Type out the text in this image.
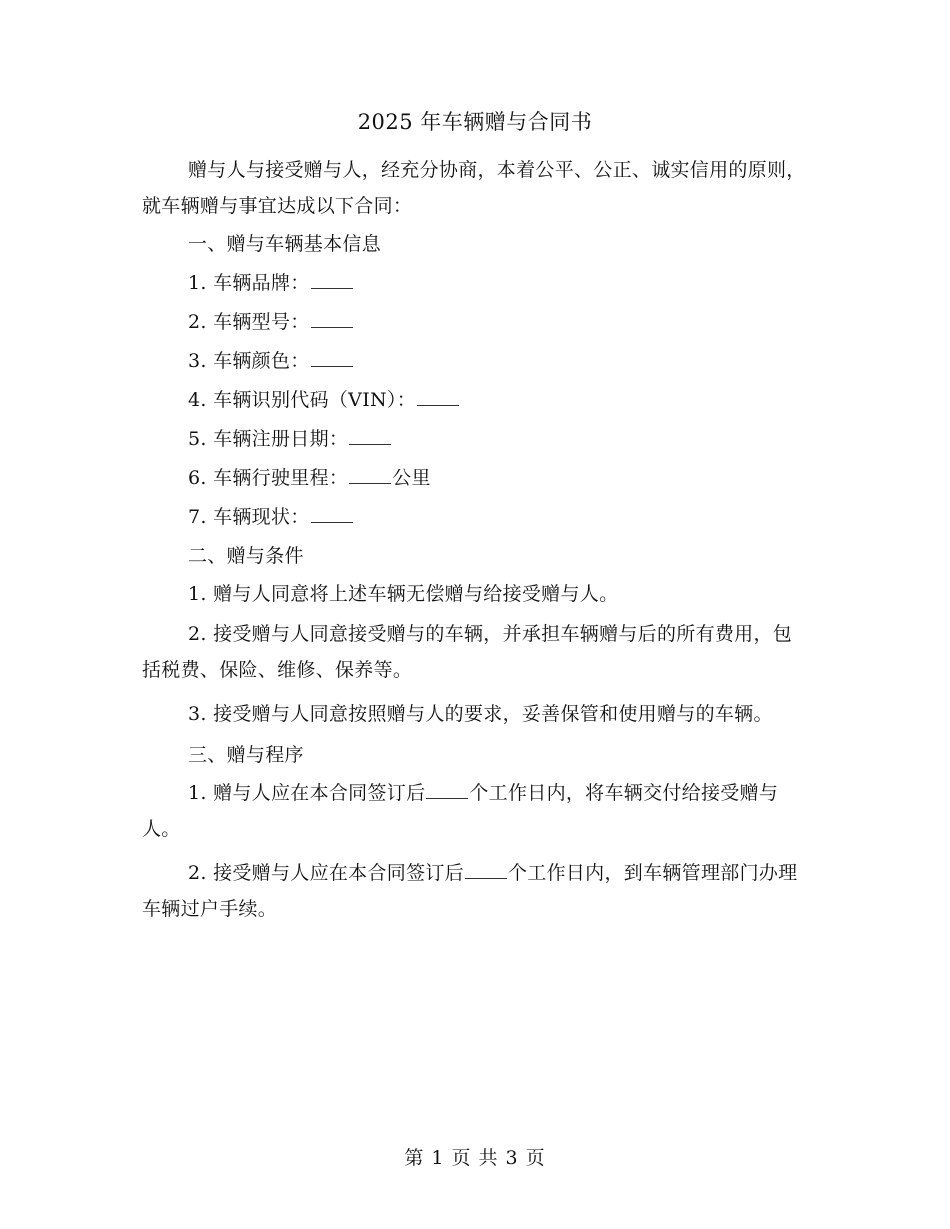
2025 年车辆赠与合同书

赠与人与接受赠与人，经充分协商，本着公平、公正、诚实信用的原则，就车辆赠与事宜达成以下合同：

一、赠与车辆基本信息
1. 车辆品牌：
2. 车辆型号：
3. 车辆颜色：
4. 车辆识别代码（VIN）：
5. 车辆注册日期：
6. 车辆行驶里程： 公里
7. 车辆现状：
二、赠与条件

1. 赠与人同意将上述车辆无偿赠与给接受赠与人。

2. 接受赠与人同意接受赠与的车辆，并承担车辆赠与后的所有费用，包括税费、保险、维修、保养等。

3. 接受赠与人同意按照赠与人的要求，妥善保管和使用赠与的车辆。

三、赠与程序

1. 赠与人应在本合同签订后 个工作日内，将车辆交付给接受赠与人。

2. 接受赠与人应在本合同签订后 个工作日内，到车辆管理部门办理车辆过户手续。

第 1 页 共 3 页
